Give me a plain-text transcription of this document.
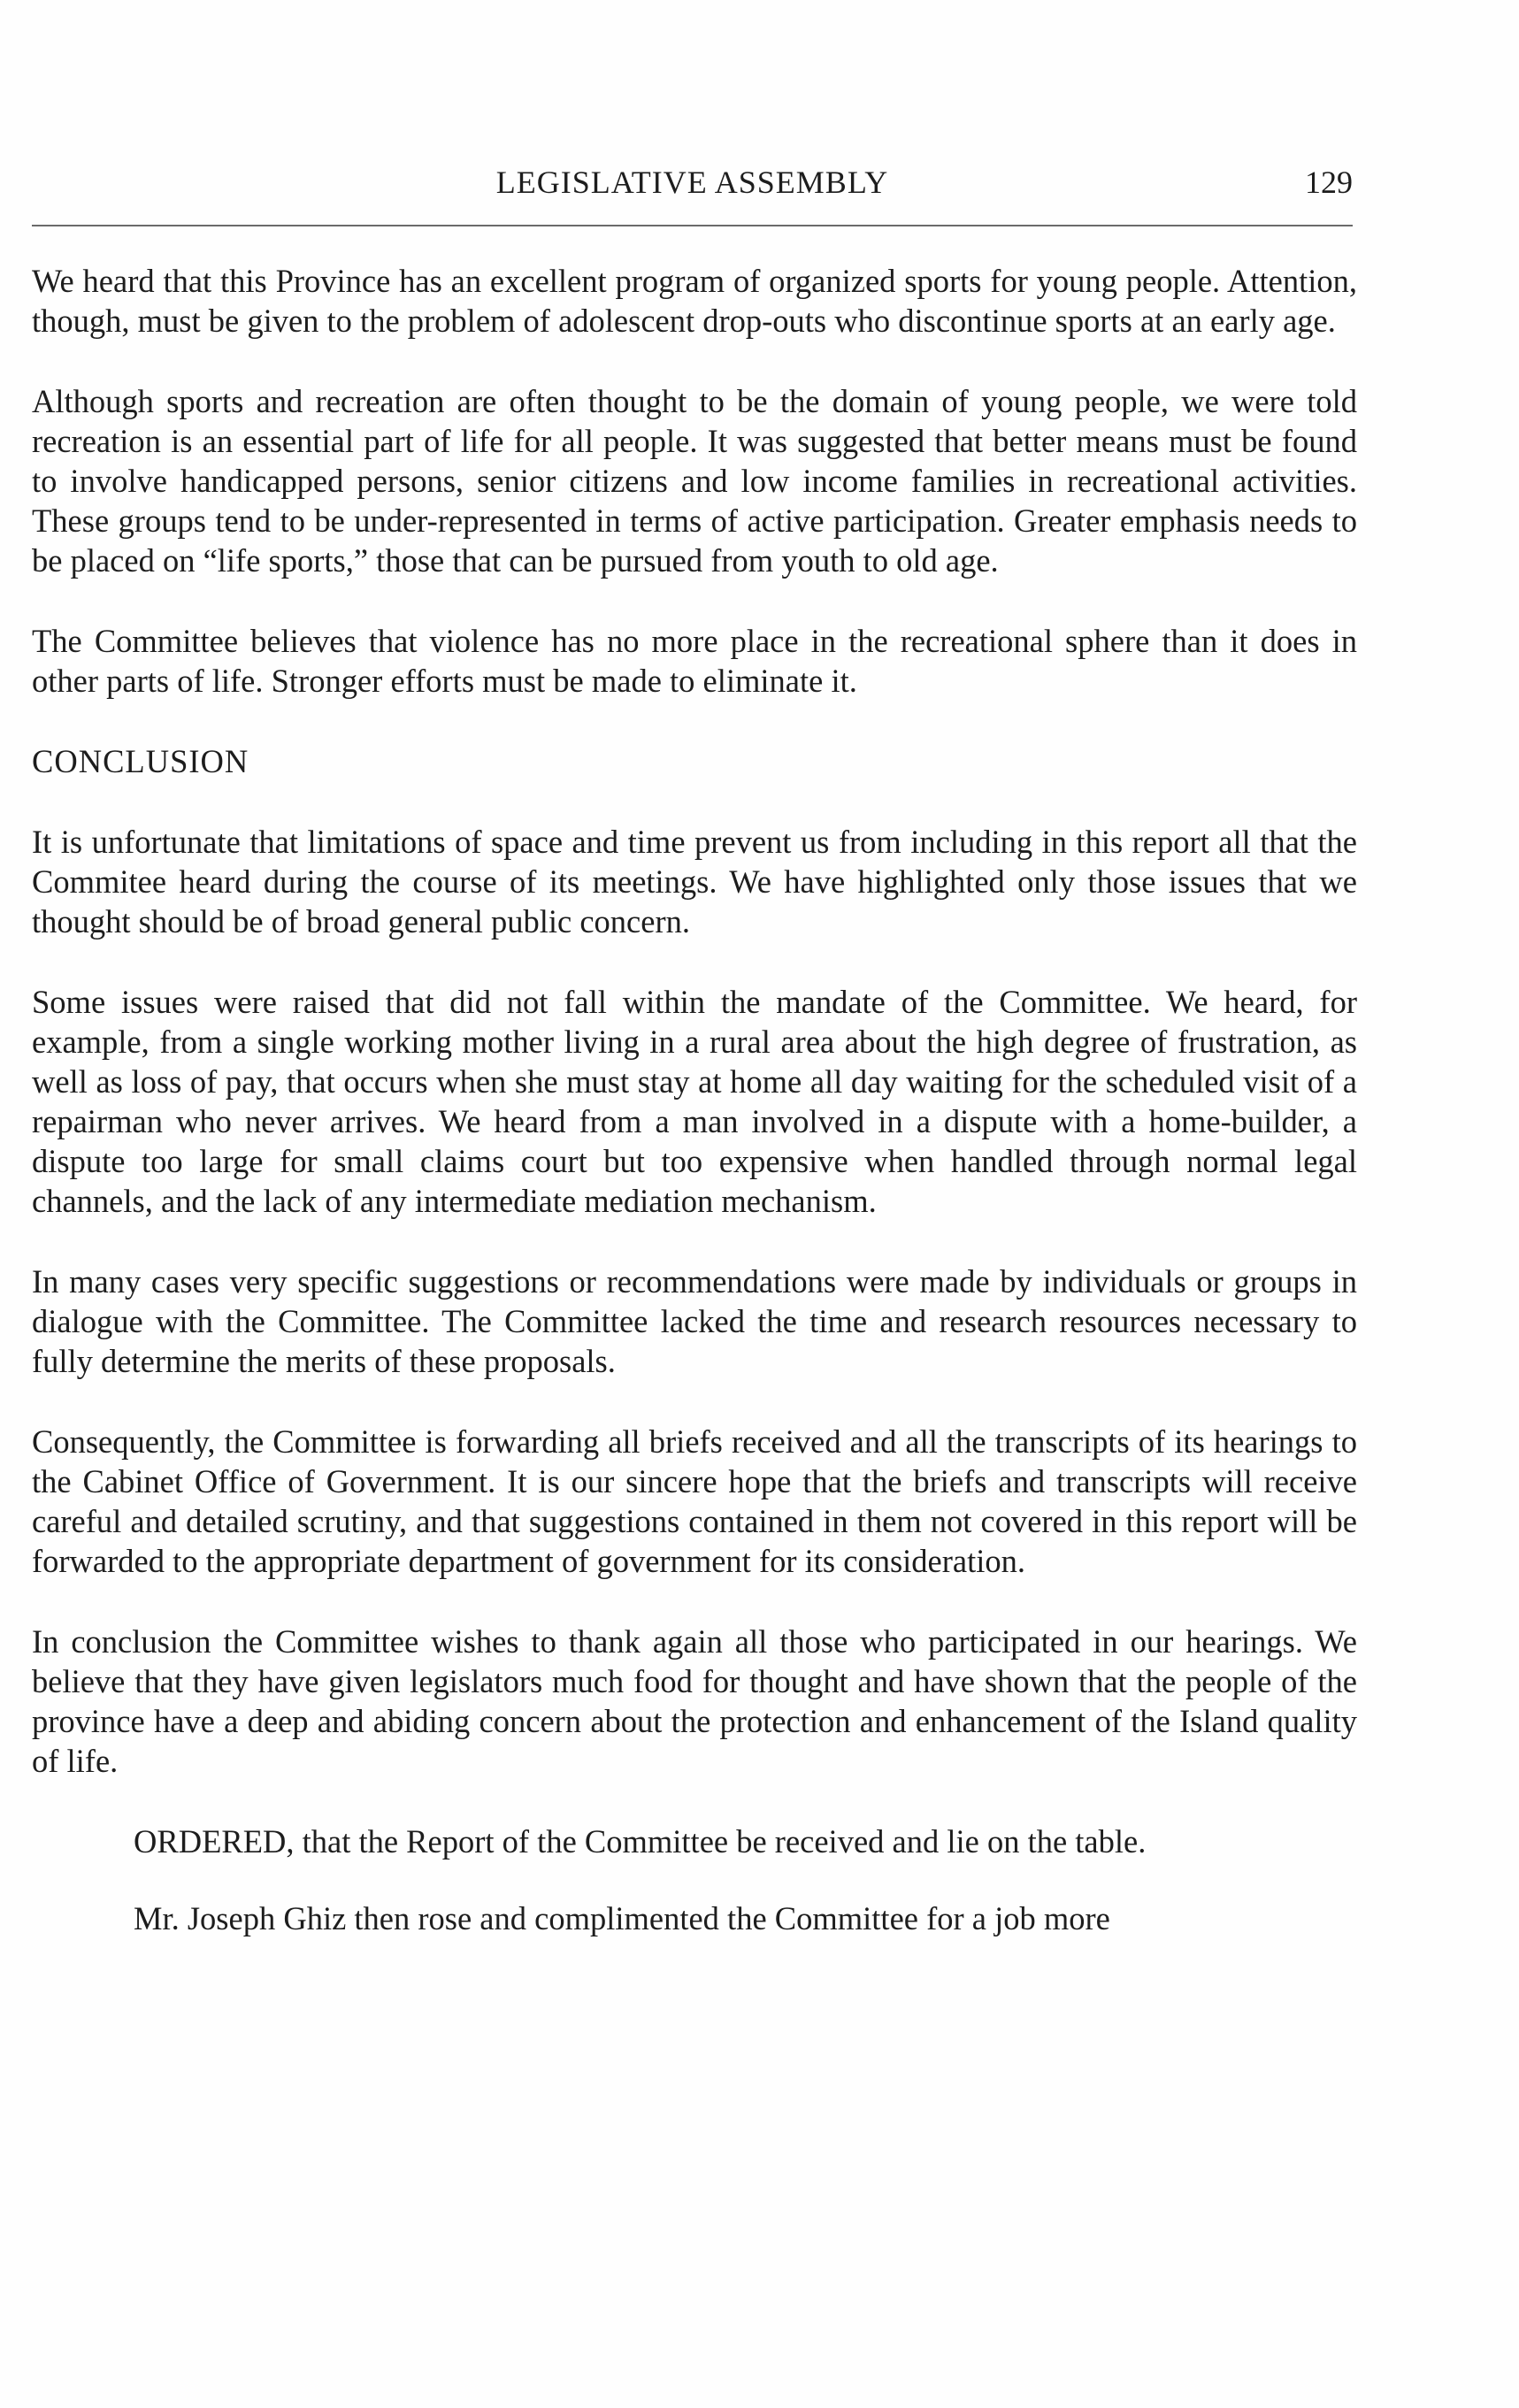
LEGISLATIVE ASSEMBLY	129

We heard that this Province has an excellent program of organized sports for young people. Attention, though, must be given to the problem of adolescent drop-outs who discontinue sports at an early age.

Although sports and recreation are often thought to be the domain of young people, we were told recreation is an essential part of life for all people. It was suggested that better means must be found to involve handicapped persons, senior citizens and low income families in recreational activities. These groups tend to be under-represented in terms of active participation. Greater emphasis needs to be placed on “life sports,” those that can be pursued from youth to old age.

The Committee believes that violence has no more place in the recreational sphere than it does in other parts of life. Stronger efforts must be made to eliminate it.

CONCLUSION

It is unfortunate that limitations of space and time prevent us from including in this report all that the Commitee heard during the course of its meetings. We have highlighted only those issues that we thought should be of broad general public concern.

Some issues were raised that did not fall within the mandate of the Committee. We heard, for example, from a single working mother living in a rural area about the high degree of frustration, as well as loss of pay, that occurs when she must stay at home all day waiting for the scheduled visit of a repairman who never arrives. We heard from a man involved in a dispute with a home-builder, a dispute too large for small claims court but too expensive when handled through normal legal channels, and the lack of any intermediate mediation mechanism.

In many cases very specific suggestions or recommendations were made by individuals or groups in dialogue with the Committee. The Committee lacked the time and research resources necessary to fully determine the merits of these proposals.

Consequently, the Committee is forwarding all briefs received and all the transcripts of its hearings to the Cabinet Office of Government. It is our sincere hope that the briefs and transcripts will receive careful and detailed scrutiny, and that suggestions contained in them not covered in this report will be forwarded to the appropriate department of government for its consideration.

In conclusion the Committee wishes to thank again all those who participated in our hearings. We believe that they have given legislators much food for thought and have shown that the people of the province have a deep and abiding concern about the protection and enhancement of the Island quality of life.

ORDERED, that the Report of the Committee be received and lie on the table.

Mr. Joseph Ghiz then rose and complimented the Committee for a job more
